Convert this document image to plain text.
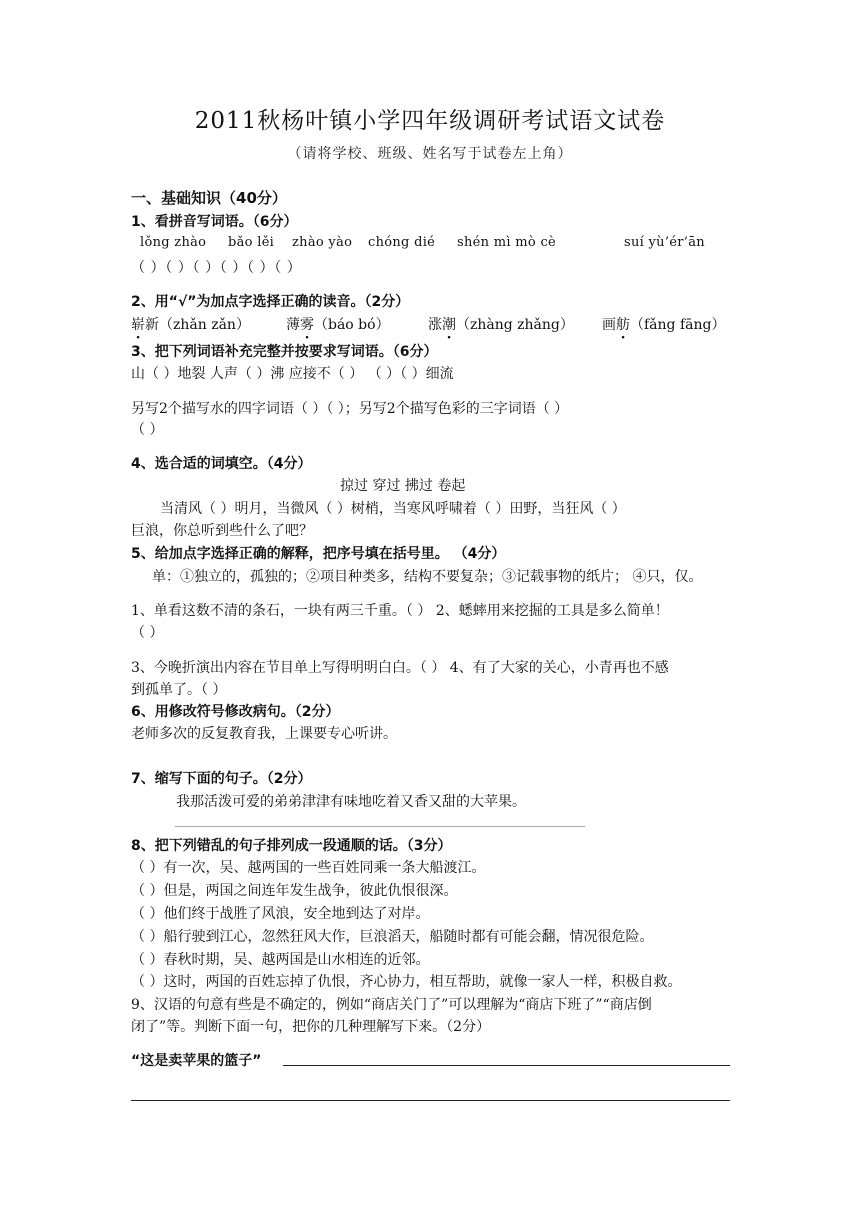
2011秋杨叶镇小学四年级调研考试语文试卷
（请将学校、班级、姓名写于试卷左上角）
一、基础知识（40分）
1、看拼音写词语。（6分）
lǒng zhào bǎo lěi zhào yào chóng dié shén mì mò cè	suí yù’ér’ān
（ ）（ ）（ ）（ ）（ ）（ ）
2、用“√”为加点字选择正确的读音。（2分）
崭新（zhǎn zǎn）	薄雾（báo bó）	涨潮（zhàng zhǎng） 画舫（fǎng fāng）
3、把下列词语补充完整并按要求写词语。（6分）
山（ ）地裂 人声（ ）沸 应接不（ ） （ ）（ ）细流
另写2个描写水的四字词语（ ）（ ）；另写2个描写色彩的三字词语（ ）
（ ）
4、选合适的词填空。（4分）
掠过 穿过 拂过 卷起
当清风（ ）明月，当微风（ ）树梢，当寒风呼啸着（ ）田野，当狂风（ ）
巨浪，你总听到些什么了吧？
5、给加点字选择正确的解释，把序号填在括号里。 （4分）
单：①独立的，孤独的；②项目种类多，结构不要复杂；③记载事物的纸片； ④只，仅。
1、单看这数不清的条石，一块有两三千重。（ ） 2、蟋蟀用来挖掘的工具是多么简单！
（ ）
3、今晚折演出内容在节目单上写得明明白白。（ ） 4、有了大家的关心，小青再也不感
到孤单了。（ ）
6、用修改符号修改病句。（2分）
老师多次的反复教育我，上课要专心听讲。
7、缩写下面的句子。（2分）
我那活泼可爱的弟弟津津有味地吃着又香又甜的大苹果。
8、把下列错乱的句子排列成一段通顺的话。（3分）
（ ）有一次，吴、越两国的一些百姓同乘一条大船渡江。
（ ）但是，两国之间连年发生战争，彼此仇恨很深。
（ ）他们终于战胜了风浪，安全地到达了对岸。
（ ）船行驶到江心，忽然狂风大作，巨浪滔天，船随时都有可能会翻，情况很危险。
（ ）春秋时期，吴、越两国是山水相连的近邻。
（ ）这时，两国的百姓忘掉了仇恨，齐心协力，相互帮助，就像一家人一样，积极自救。
9、汉语的句意有些是不确定的，例如“商店关门了”可以理解为“商店下班了”“商店倒
闭了”等。判断下面一句，把你的几种理解写下来。（2分）
“这是卖苹果的篮子”
